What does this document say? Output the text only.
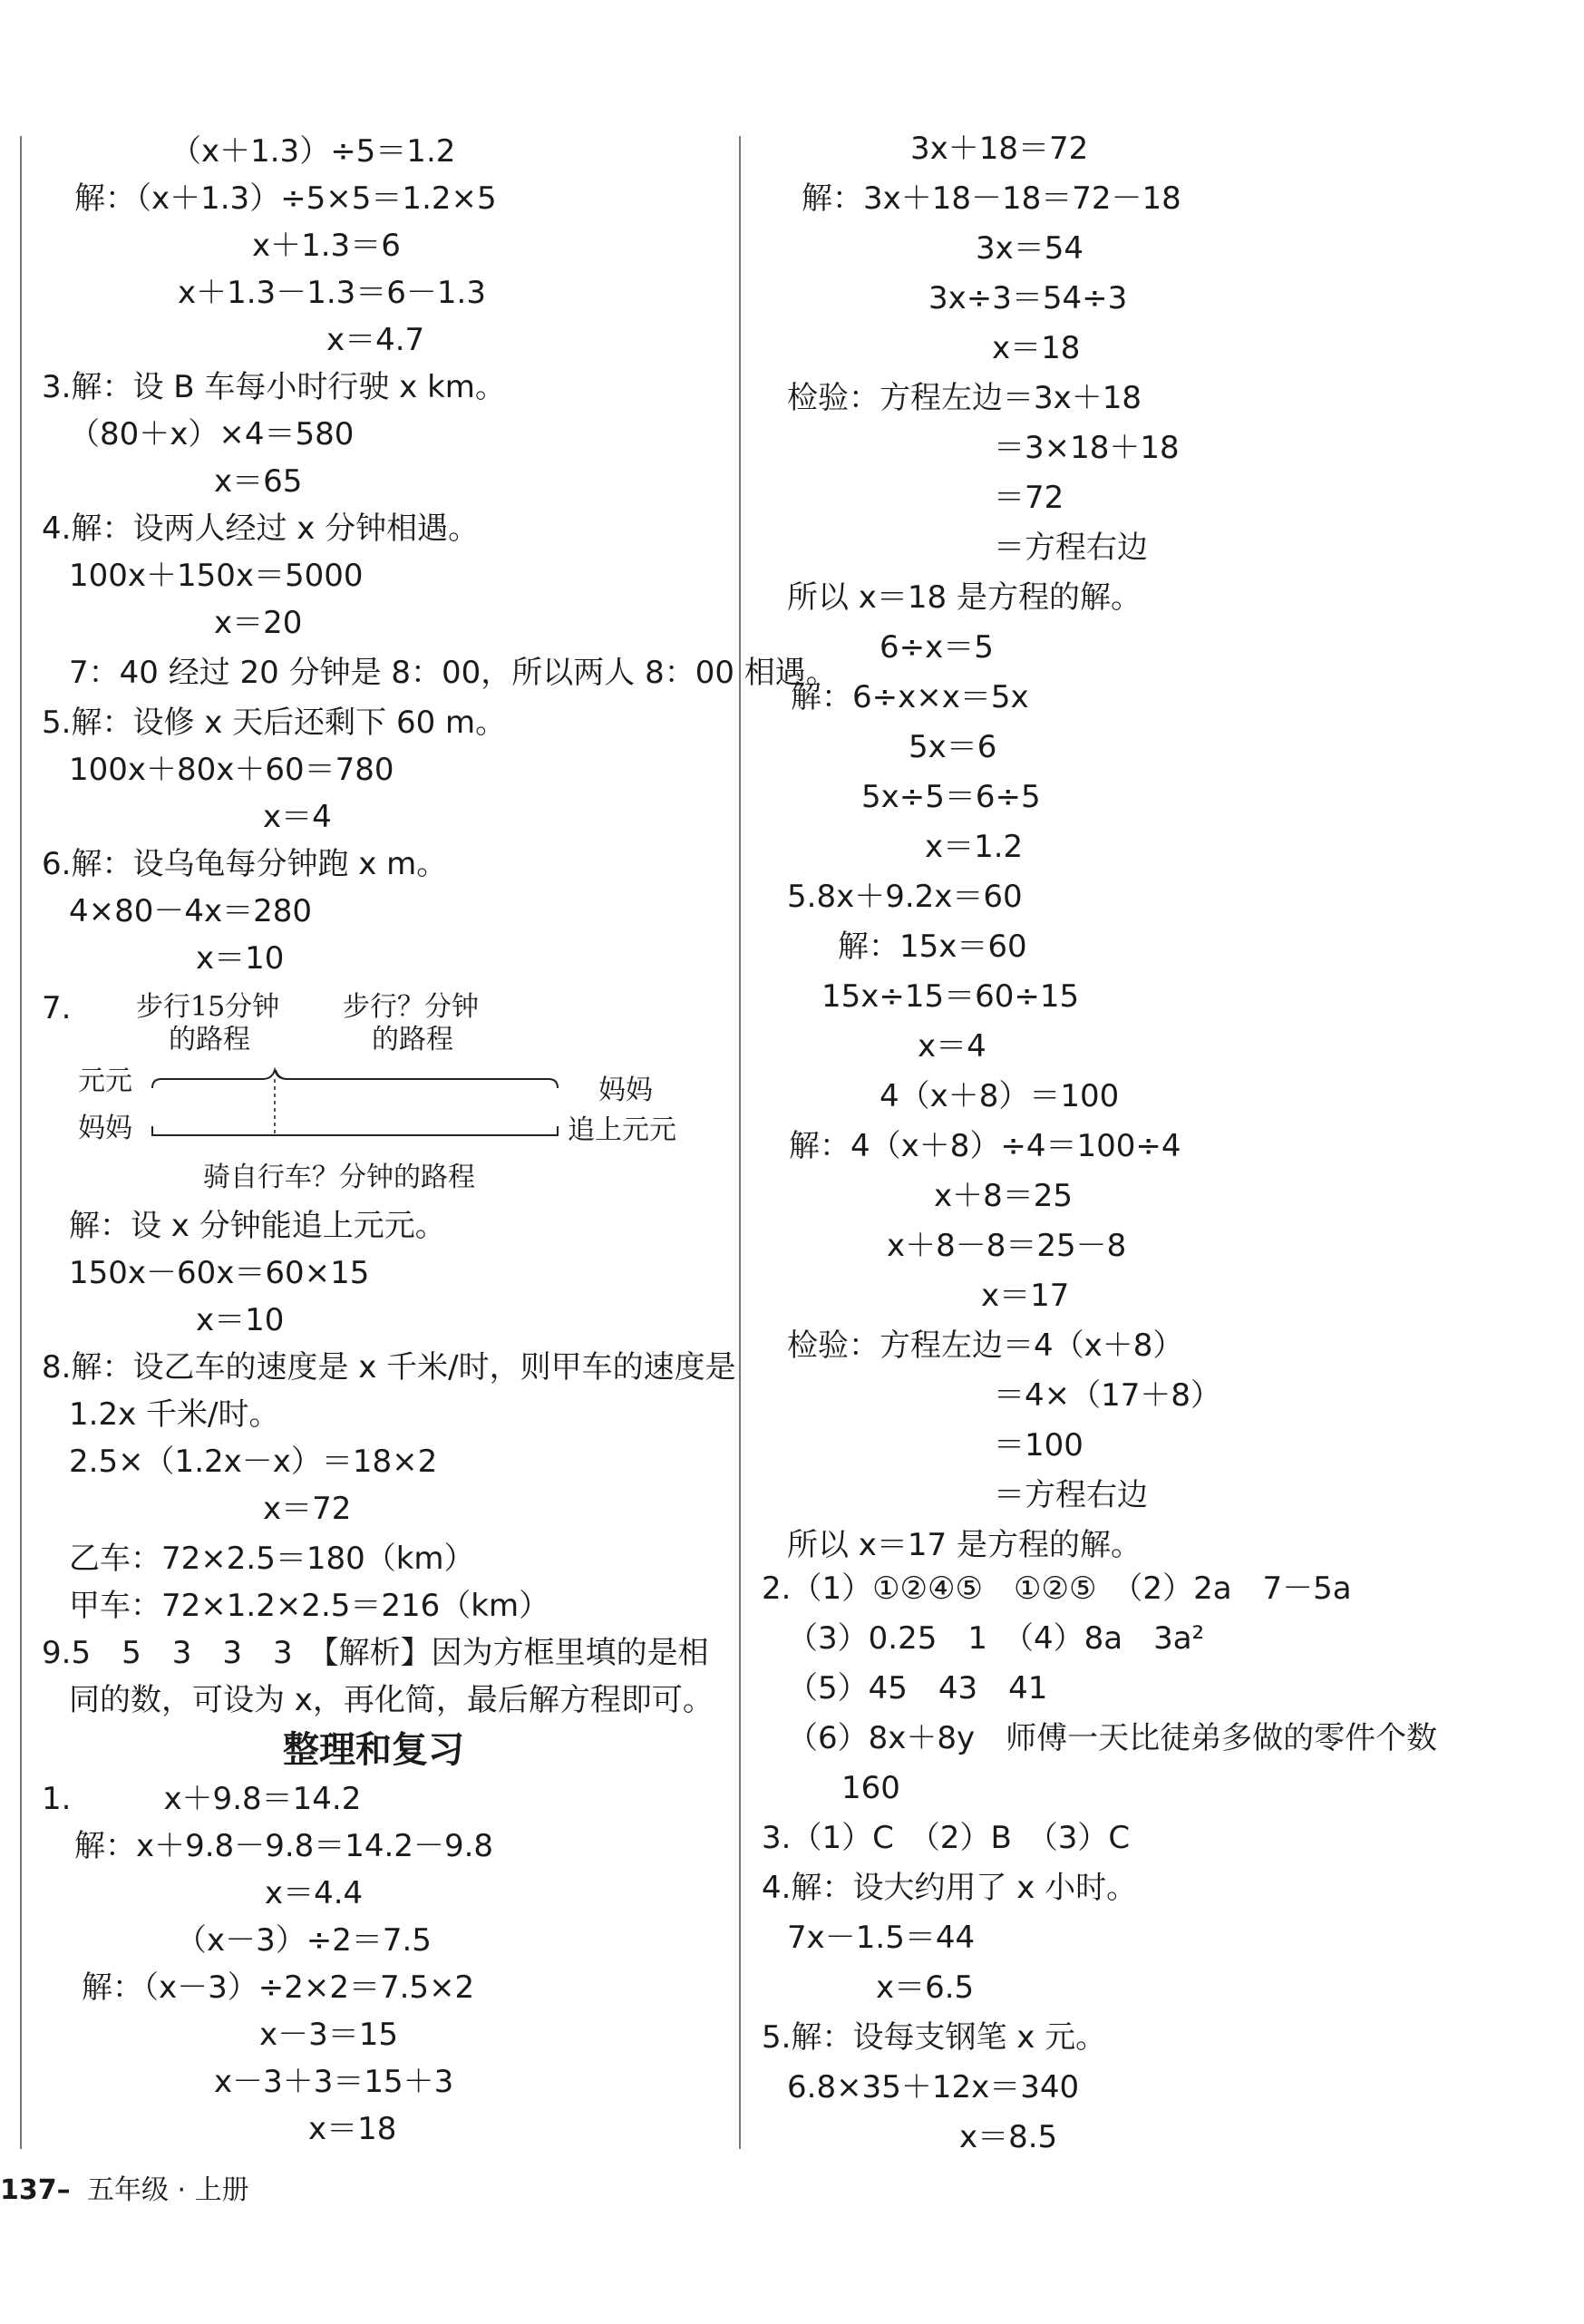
（x＋1.3）÷5＝1.2
解：（x＋1.3）÷5×5＝1.2×5
x＋1.3＝6
x＋1.3－1.3＝6－1.3
x＝4.7
3.解：设 B 车每小时行驶 x km。
（80＋x）×4＝580
x＝65
4.解：设两人经过 x 分钟相遇。
100x＋150x＝5000
x＝20
7：40 经过 20 分钟是 8：00，所以两人 8：00 相遇。
5.解：设修 x 天后还剩下 60 m。
100x＋80x＋60＝780
x＝4
6.解：设乌龟每分钟跑 x m。
4×80－4x＝280
x＝10
7. 步行15分钟
的路程
步行？分钟
的路程
元元
妈妈
妈妈
追上元元
骑自行车？分钟的路程
解：设 x 分钟能追上元元。
150x－60x＝60×15
x＝10
8.解：设乙车的速度是 x 千米/时，则甲车的速度是
1.2x 千米/时。
2.5×（1.2x－x）＝18×2
x＝72
乙车：72×2.5＝180（km）
甲车：72×1.2×2.5＝216（km）
9.5　5　3　3　3　【解析】因为方框里填的是相
同的数，可设为 x，再化简，最后解方程即可。
整理和复习
1.　　　x＋9.8＝14.2
解：x＋9.8－9.8＝14.2－9.8
x＝4.4
（x－3）÷2＝7.5
解：（x－3）÷2×2＝7.5×2
x－3＝15
x－3＋3＝15＋3
x＝18
3x＋18＝72
解：3x＋18－18＝72－18
3x＝54
3x÷3＝54÷3
x＝18
检验：方程左边＝3x＋18
＝3×18＋18
＝72
＝方程右边
所以 x＝18 是方程的解。
6÷x＝5
解：6÷x×x＝5x
5x＝6
5x÷5＝6÷5
x＝1.2
5.8x＋9.2x＝60
解：15x＝60
15x÷15＝60÷15
x＝4
4（x＋8）＝100
解：4（x＋8）÷4＝100÷4
x＋8＝25
x＋8－8＝25－8
x＝17
检验：方程左边＝4（x＋8）
＝4×（17＋8）
＝100
＝方程右边
所以 x＝17 是方程的解。
2.（1）①②④⑤　①②⑤　（2）2a　7－5a
（3）0.25　1　（4）8a　3a²
（5）45　43　41
（6）8x＋8y　师傅一天比徒弟多做的零件个数
160
3.（1）C　（2）B　（3）C
4.解：设大约用了 x 小时。
7x－1.5＝44
x＝6.5
5.解：设每支钢笔 x 元。
6.8×35＋12x＝340
x＝8.5
137– 五年级 · 上册
